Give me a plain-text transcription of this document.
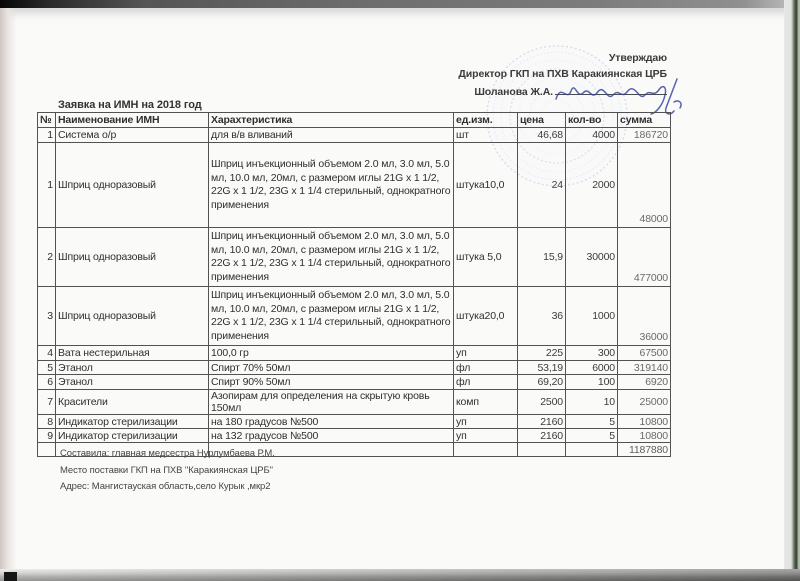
Утверждаю
Директор ГКП на ПХВ Каракиянская ЦРБ
Шоланова Ж.А.
Заявка на ИМН на 2018 год
№	Наименование ИМН	Харахтеристика	ед.изм.	цена	кол-во	сумма
1	Система о/р	для в/в вливаний	шт	46,68	4000	186720
1	Шприц одноразовый	Шприц инъекционный объемом 2.0 мл, 3.0 мл, 5.0 мл, 10.0 мл, 20мл, с размером иглы 21G х 1 1/2, 22G х 1 1/2, 23G х 1 1/4 стерильный, однократного применения	штука10,0	24	2000	48000
2	Шприц одноразовый	Шприц инъекционный объемом 2.0 мл, 3.0 мл, 5.0 мл, 10.0 мл, 20мл, с размером иглы 21G х 1 1/2, 22G х 1 1/2, 23G х 1 1/4 стерильный, однократного применения	штука 5,0	15,9	30000	477000
3	Шприц одноразовый	Шприц инъекционный объемом 2.0 мл, 3.0 мл, 5.0 мл, 10.0 мл, 20мл, с размером иглы 21G х 1 1/2, 22G х 1 1/2, 23G х 1 1/4 стерильный, однократного применения	штука20,0	36	1000	36000
4	Вата нестерильная	100,0 гр	уп	225	300	67500
5	Этанол	Спирт 70% 50мл	фл	53,19	6000	319140
6	Этанол	Спирт 90% 50мл	фл	69,20	100	6920
7	Красители	Азопирам для определения на скрытую кровь 150мл	комп	2500	10	25000
8	Индикатор стерилизации	на 180 градусов №500	уп	2160	5	10800
9	Индикатор стерилизации	на 132 градусов №500	уп	2160	5	10800
						1187880
Составила: главная медсестра Нурлумбаева Р.М.
Место поставки ГКП на ПХВ "Каракиянская ЦРБ"
Адрес: Мангистауская область,село Курык ,мкр2
